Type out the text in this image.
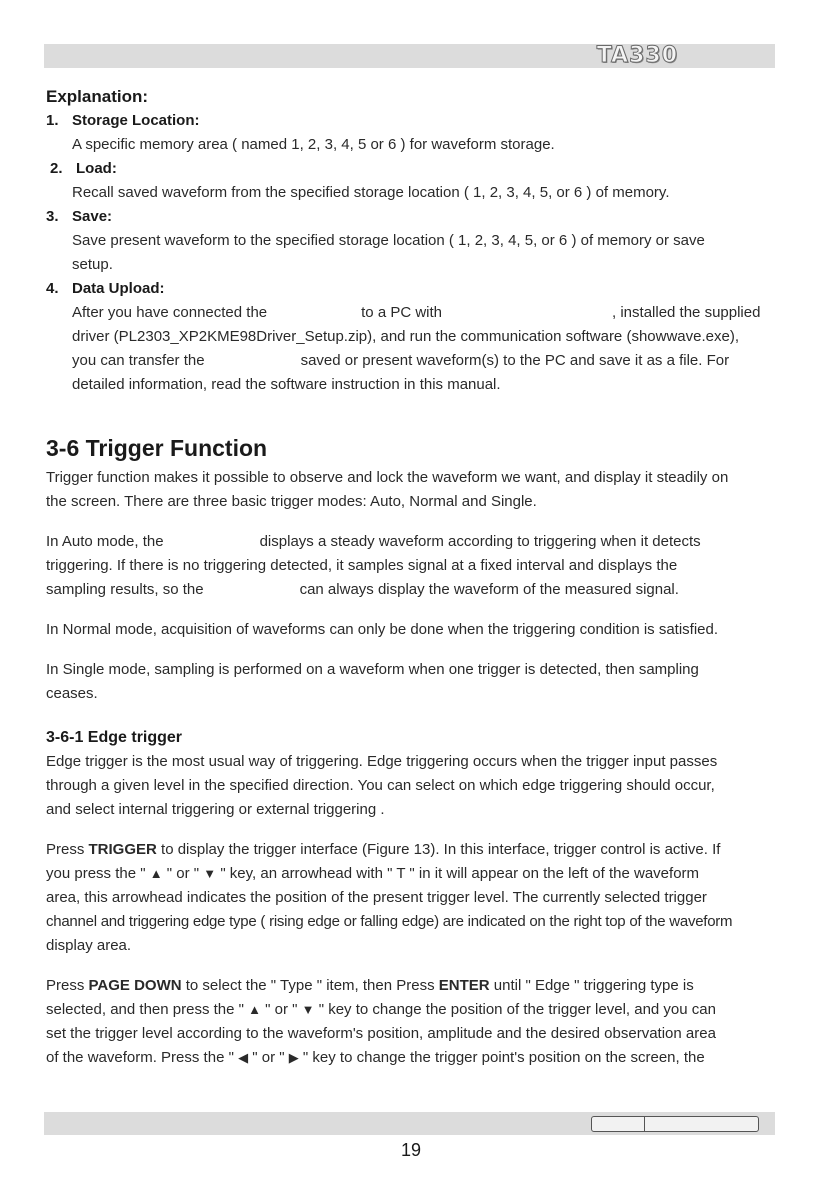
TA330
Explanation:
1. Storage Location:
A specific memory area ( named 1, 2, 3, 4, 5 or 6 ) for waveform storage.
2. Load:
Recall saved waveform from the specified storage location ( 1, 2, 3, 4, 5, or 6 ) of memory.
3. Save:
Save present waveform to the specified storage location ( 1, 2, 3, 4, 5, or 6 ) of memory or save
setup.
4. Data Upload:
After you have connected the	to a PC with	, installed the supplied
driver (PL2303_XP2KME98Driver_Setup.zip), and run the communication software (showwave.exe),
you can transfer the	saved or present waveform(s) to the PC and save it as a file. For
detailed information, read the software instruction in this manual.
3-6 Trigger Function

Trigger function makes it possible to observe and lock the waveform we want, and display it steadily on

the screen. There are three basic trigger modes: Auto, Normal and Single.

In Auto mode, the	displays a steady waveform according to triggering when it detects

triggering. If there is no triggering detected, it samples signal at a fixed interval and displays the

sampling results, so the	can always display the waveform of the measured signal.

In Normal mode, acquisition of waveforms can only be done when the triggering condition is satisfied.

In Single mode, sampling is performed on a waveform when one trigger is detected, then sampling

ceases.

3-6-1 Edge trigger

Edge trigger is the most usual way of triggering. Edge triggering occurs when the trigger input passes

through a given level in the specified direction. You can select on which edge triggering should occur,

and select internal triggering or external triggering .

Press TRIGGER to display the trigger interface (Figure 13). In this interface, trigger control is active. If

you press the " ▲ " or " ▼ " key, an arrowhead with " T " in it will appear on the left of the waveform

area, this arrowhead indicates the position of the present trigger level. The currently selected trigger

channel and triggering edge type ( rising edge or falling edge) are indicated on the right top of the waveform

display area.

Press PAGE DOWN to select the " Type " item, then Press ENTER until " Edge " triggering type is

selected, and then press the " ▲ " or " ▼ " key to change the position of the trigger level, and you can

set the trigger level according to the waveform's position, amplitude and the desired observation area

of the waveform. Press the " ◀ " or " ▶ " key to change the trigger point's position on the screen, the

19
